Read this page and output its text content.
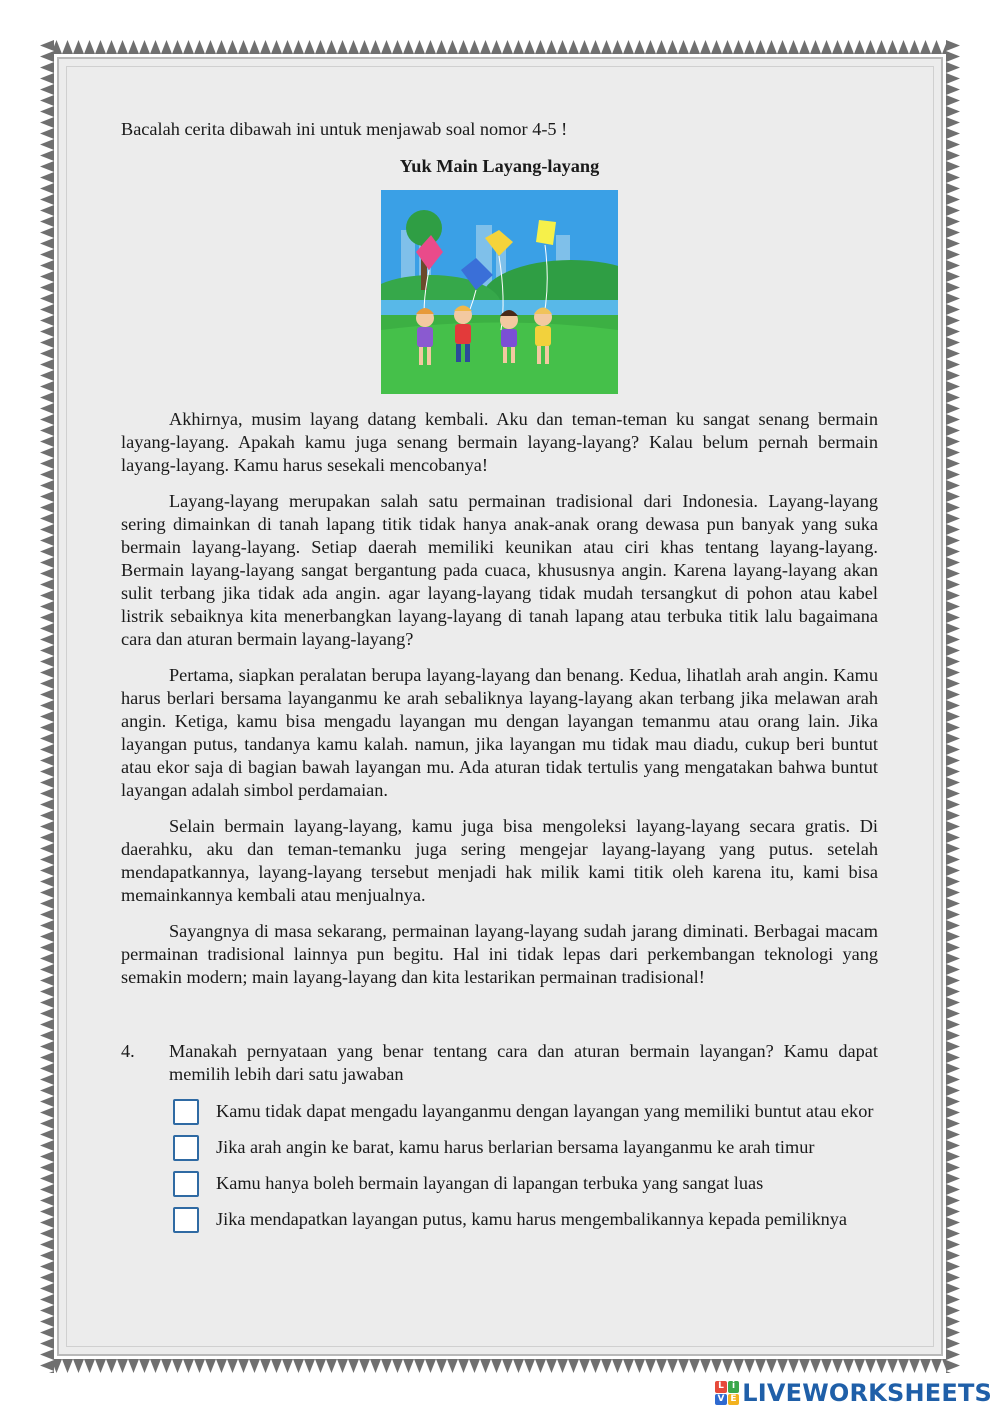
Bacalah cerita dibawah ini untuk menjawab soal nomor 4-5 !

Yuk Main Layang-layang

Akhirnya, musim layang datang kembali. Aku dan teman-teman ku sangat senang bermain layang-layang. Apakah kamu juga senang bermain layang-layang? Kalau belum pernah bermain layang-layang. Kamu harus sesekali mencobanya!

Layang-layang merupakan salah satu permainan tradisional dari Indonesia. Layang-layang sering dimainkan di tanah lapang titik tidak hanya anak-anak orang dewasa pun banyak yang suka bermain layang-layang. Setiap daerah memiliki keunikan atau ciri khas tentang layang-layang. Bermain layang-layang sangat bergantung pada cuaca, khususnya angin. Karena layang-layang akan sulit terbang jika tidak ada angin. agar layang-layang tidak mudah tersangkut di pohon atau kabel listrik sebaiknya kita menerbangkan layang-layang di tanah lapang atau terbuka titik lalu bagaimana cara dan aturan bermain layang-layang?

Pertama, siapkan peralatan berupa layang-layang dan benang. Kedua, lihatlah arah angin. Kamu harus berlari bersama layanganmu ke arah sebaliknya layang-layang akan terbang jika melawan arah angin. Ketiga, kamu bisa mengadu layangan mu dengan layangan temanmu atau orang lain. Jika layangan putus, tandanya kamu kalah. namun, jika layangan mu tidak mau diadu, cukup beri buntut atau ekor saja di bagian bawah layangan mu. Ada aturan tidak tertulis yang mengatakan bahwa buntut layangan adalah simbol perdamaian.

Selain bermain layang-layang, kamu juga bisa mengoleksi layang-layang secara gratis. Di daerahku, aku dan teman-temanku juga sering mengejar layang-layang yang putus. setelah mendapatkannya, layang-layang tersebut menjadi hak milik kami titik oleh karena itu, kami bisa memainkannya kembali atau menjualnya.

Sayangnya di masa sekarang, permainan layang-layang sudah jarang diminati. Berbagai macam permainan tradisional lainnya pun begitu. Hal ini tidak lepas dari perkembangan teknologi yang semakin modern; main layang-layang dan kita lestarikan permainan tradisional!

4. Manakah pernyataan yang benar tentang cara dan aturan bermain layangan? Kamu dapat memilih lebih dari satu jawaban
Kamu tidak dapat mengadu layanganmu dengan layangan yang memiliki buntut atau ekor
Jika arah angin ke barat, kamu harus berlarian bersama layanganmu ke arah timur
Kamu hanya boleh bermain layangan di lapangan terbuka yang sangat luas
Jika mendapatkan layangan putus, kamu harus mengembalikannya kepada pemiliknya
L i
V E LIVEWORKSHEETS
